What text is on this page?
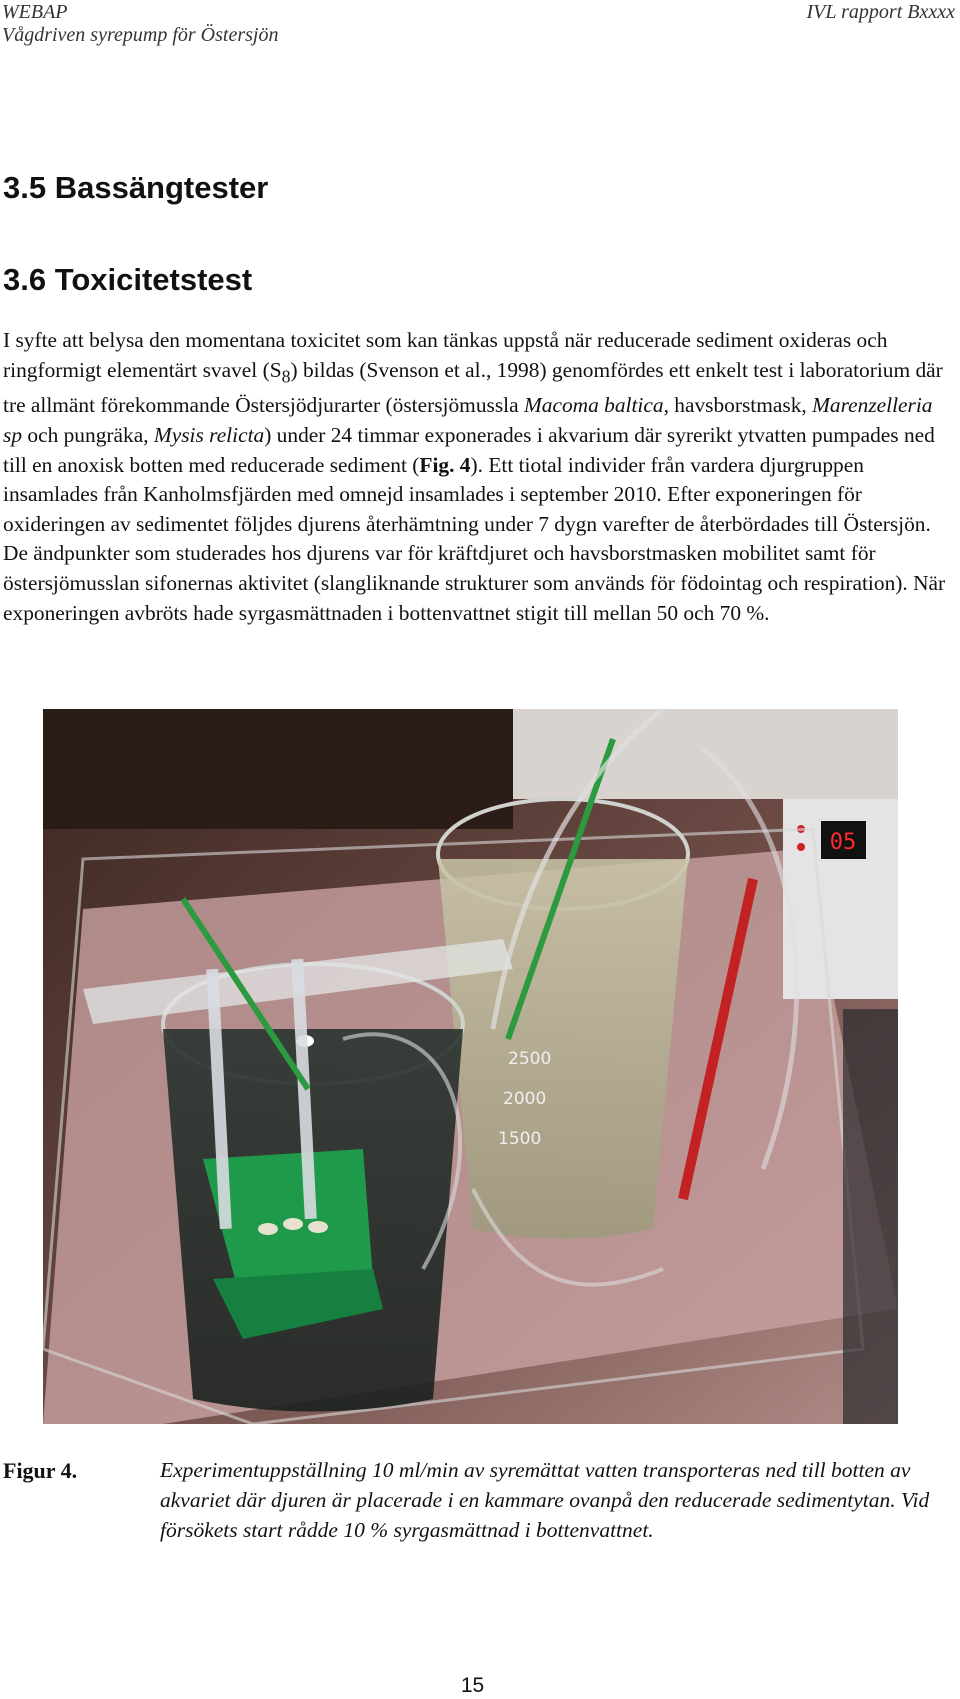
WEBAP
Vågdriven syrepump för Östersjön
IVL rapport Bxxxx
3.5 Bassängtester
3.6 Toxicitetstest

I syfte att belysa den momentana toxicitet som kan tänkas uppstå när reducerade sediment oxideras och ringformigt elementärt svavel $(S_8)$ bildas (Svenson et al., 1998) genomfördes ett enkelt test i laboratorium där tre allmänt förekommande Östersjödjurarter (östersjömussla Macoma baltica, havsborstmask, Marenzelleria sp och pungräka, Mysis relicta) under 24 timmar exponerades i akvarium där syrerikt ytvatten pumpades ned till en anoxisk botten med reducerade sediment (Fig. 4). Ett tiotal individer från vardera djurgruppen insamlades från Kanholmsfjärden med omnejd insamlades i september 2010. Efter exponeringen för oxideringen av sedimentet följdes djurens återhämtning under 7 dygn varefter de återbördades till Östersjön. De ändpunkter som studerades hos djurens var för kräftdjuret och havsborstmasken mobilitet samt för östersjömusslan sifonernas aktivitet (slangliknande strukturer som används för födointag och respiration). När exponeringen avbröts hade syrgasmättnaden i bottenvattnet stigit till mellan 50 och 70 %.

05
2500
2000
1500
Figur 4.	Experimentuppställning 10 ml/min av syremättat vatten transporteras ned till botten av akvariet där djuren är placerade i en kammare ovanpå den reducerade sedimentytan. Vid försökets start rådde 10 % syrgasmättnad i bottenvattnet.

15
